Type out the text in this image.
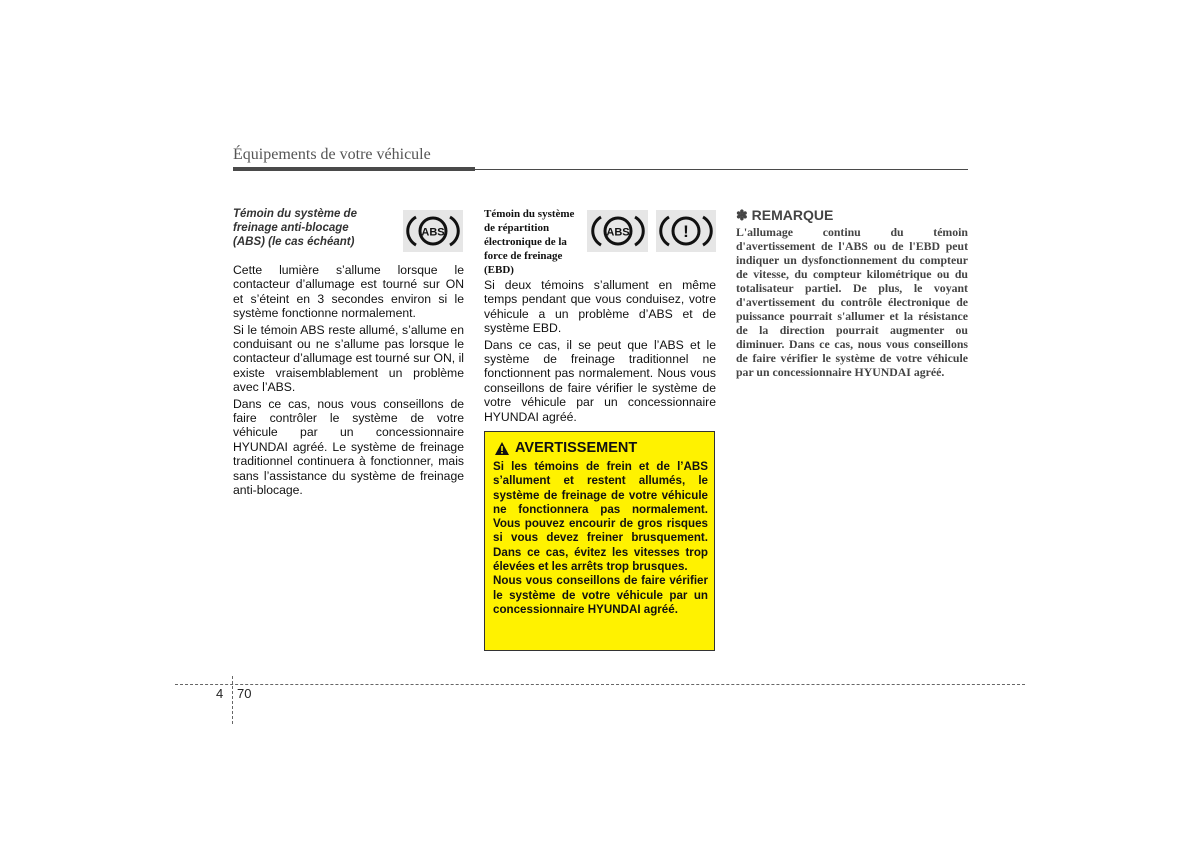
Équipements de votre véhicule
ABS	ABS	!
Témoin du système de freinage anti-blocage (ABS) (le cas échéant)

Cette lumière s’allume lorsque le contacteur d’allumage est tourné sur ON et s’éteint en 3 secondes environ si le système fonctionne normalement.

Si le témoin ABS reste allumé, s’allume en conduisant ou ne s’allume pas lorsque le contacteur d’allumage est tourné sur ON, il existe vraisemblablement un problème avec l’ABS.

Dans ce cas, nous vous conseillons de faire contrôler le système de votre véhicule par un concessionnaire HYUNDAI agréé. Le système de freinage traditionnel continuera à fonctionner, mais sans l’assistance du système de freinage anti-blocage.

Témoin du système de répartition électronique de la force de freinage (EBD)

Si deux témoins s’allument en même temps pendant que vous conduisez, votre véhicule a un problème d’ABS et de système EBD.

Dans ce cas, il se peut que l’ABS et le système de freinage traditionnel ne fonctionnent pas normalement. Nous vous conseillons de faire vérifier le système de votre véhicule par un concessionnaire HYUNDAI agréé.

AVERTISSEMENT

Si les témoins de frein et de l’ABS s’allument et restent allumés, le système de freinage de votre véhicule ne fonctionnera pas normalement. Vous pouvez encourir de gros risques si vous devez freiner brusquement. Dans ce cas, évitez les vitesses trop élevées et les arrêts trop brusques.

Nous vous conseillons de faire vérifier le système de votre véhicule par un concessionnaire HYUNDAI agréé.

✽ REMARQUE

L'allumage continu du témoin d'avertissement de l'ABS ou de l'EBD peut indiquer un dysfonctionnement du compteur de vitesse, du compteur kilométrique ou du totalisateur partiel. De plus, le voyant d'avertissement du contrôle électronique de puissance pourrait s'allumer et la résistance de la direction pourrait augmenter ou diminuer. Dans ce cas, nous vous conseillons de faire vérifier le système de votre véhicule par un concessionnaire HYUNDAI agréé.

4 70
